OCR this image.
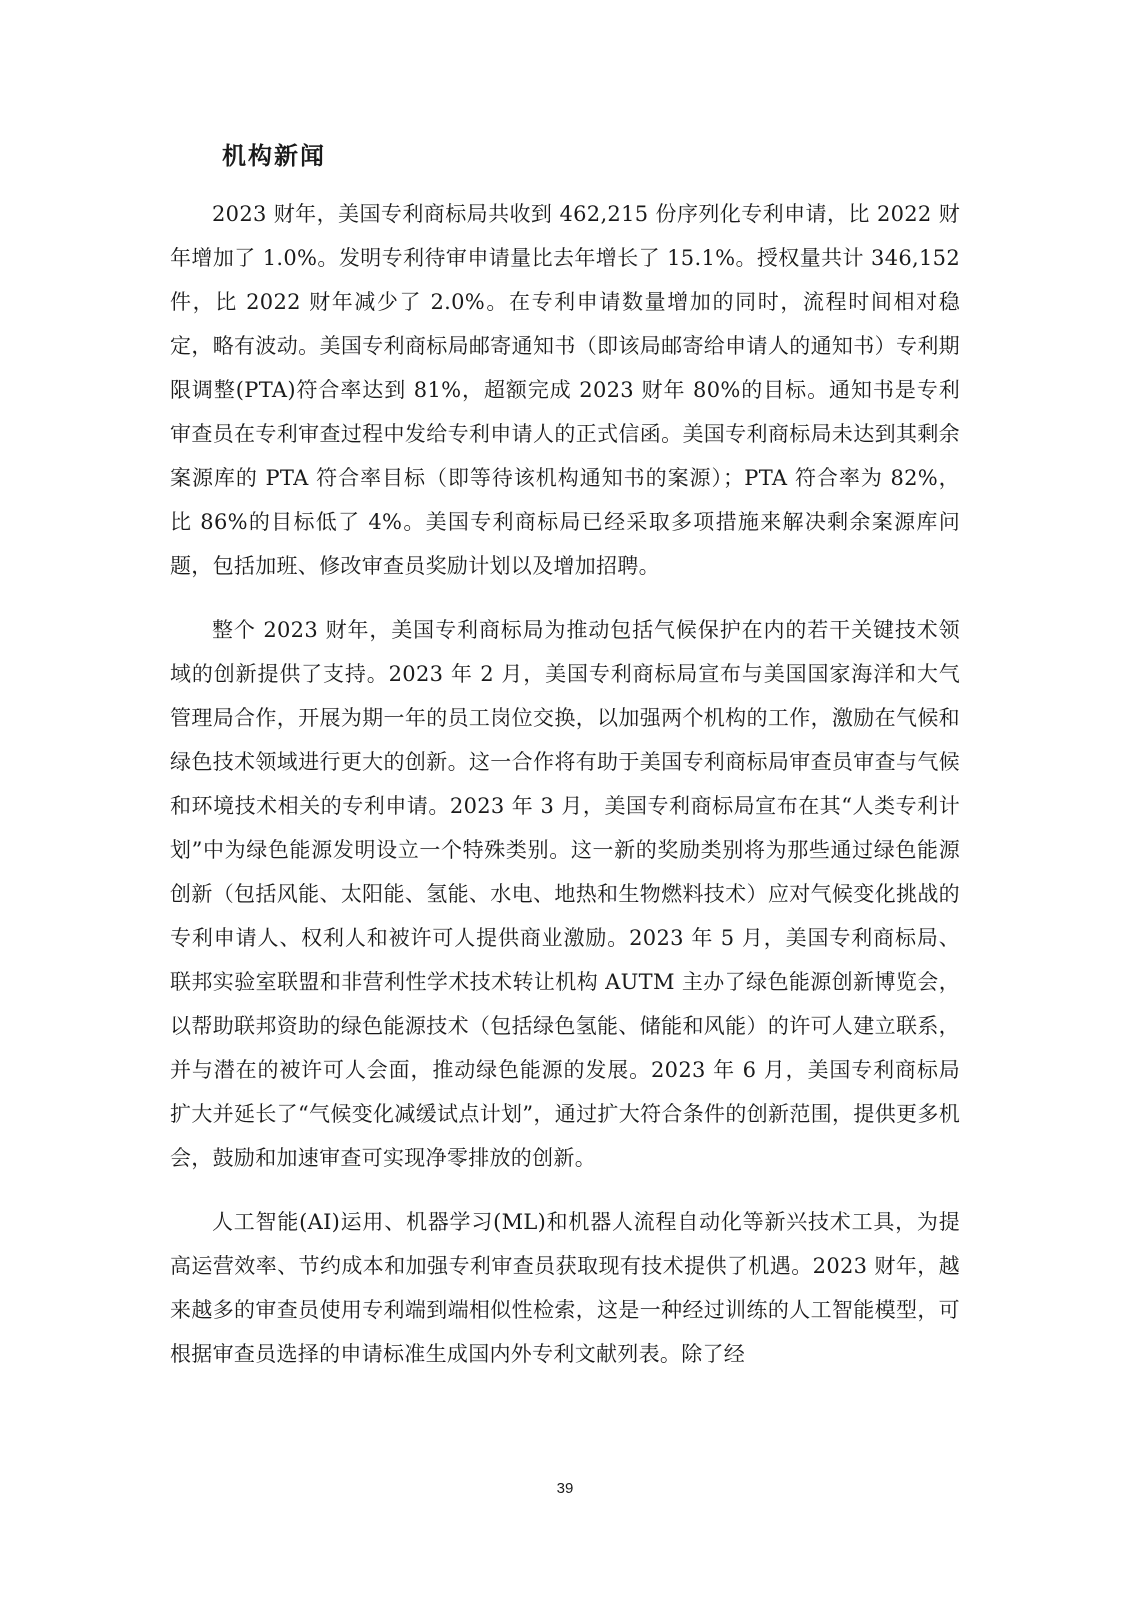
机构新闻

2023 财年，美国专利商标局共收到 462,215 份序列化专利申请，比 2022 财年增加了 1.0%。发明专利待审申请量比去年增长了 15.1%。授权量共计 346,152 件，比 2022 财年减少了 2.0%。在专利申请数量增加的同时，流程时间相对稳定，略有波动。美国专利商标局邮寄通知书（即该局邮寄给申请人的通知书）专利期限调整(PTA)符合率达到 81%，超额完成 2023 财年 80%的目标。通知书是专利审查员在专利审查过程中发给专利申请人的正式信函。美国专利商标局未达到其剩余案源库的 PTA 符合率目标（即等待该机构通知书的案源）；PTA 符合率为 82%，比 86%的目标低了 4%。美国专利商标局已经采取多项措施来解决剩余案源库问题，包括加班、修改审查员奖励计划以及增加招聘。

整个 2023 财年，美国专利商标局为推动包括气候保护在内的若干关键技术领域的创新提供了支持。2023 年 2 月，美国专利商标局宣布与美国国家海洋和大气管理局合作，开展为期一年的员工岗位交换，以加强两个机构的工作，激励在气候和绿色技术领域进行更大的创新。这一合作将有助于美国专利商标局审查员审查与气候和环境技术相关的专利申请。2023 年 3 月，美国专利商标局宣布在其“人类专利计划”中为绿色能源发明设立一个特殊类别。这一新的奖励类别将为那些通过绿色能源创新（包括风能、太阳能、氢能、水电、地热和生物燃料技术）应对气候变化挑战的专利申请人、权利人和被许可人提供商业激励。2023 年 5 月，美国专利商标局、联邦实验室联盟和非营利性学术技术转让机构 AUTM 主办了绿色能源创新博览会，以帮助联邦资助的绿色能源技术（包括绿色氢能、储能和风能）的许可人建立联系，并与潜在的被许可人会面，推动绿色能源的发展。2023 年 6 月，美国专利商标局扩大并延长了“气候变化减缓试点计划”，通过扩大符合条件的创新范围，提供更多机会，鼓励和加速审查可实现净零排放的创新。

人工智能(AI)运用、机器学习(ML)和机器人流程自动化等新兴技术工具，为提高运营效率、节约成本和加强专利审查员获取现有技术提供了机遇。2023 财年，越来越多的审查员使用专利端到端相似性检索，这是一种经过训练的人工智能模型，可根据审查员选择的申请标准生成国内外专利文献列表。除了经

39
